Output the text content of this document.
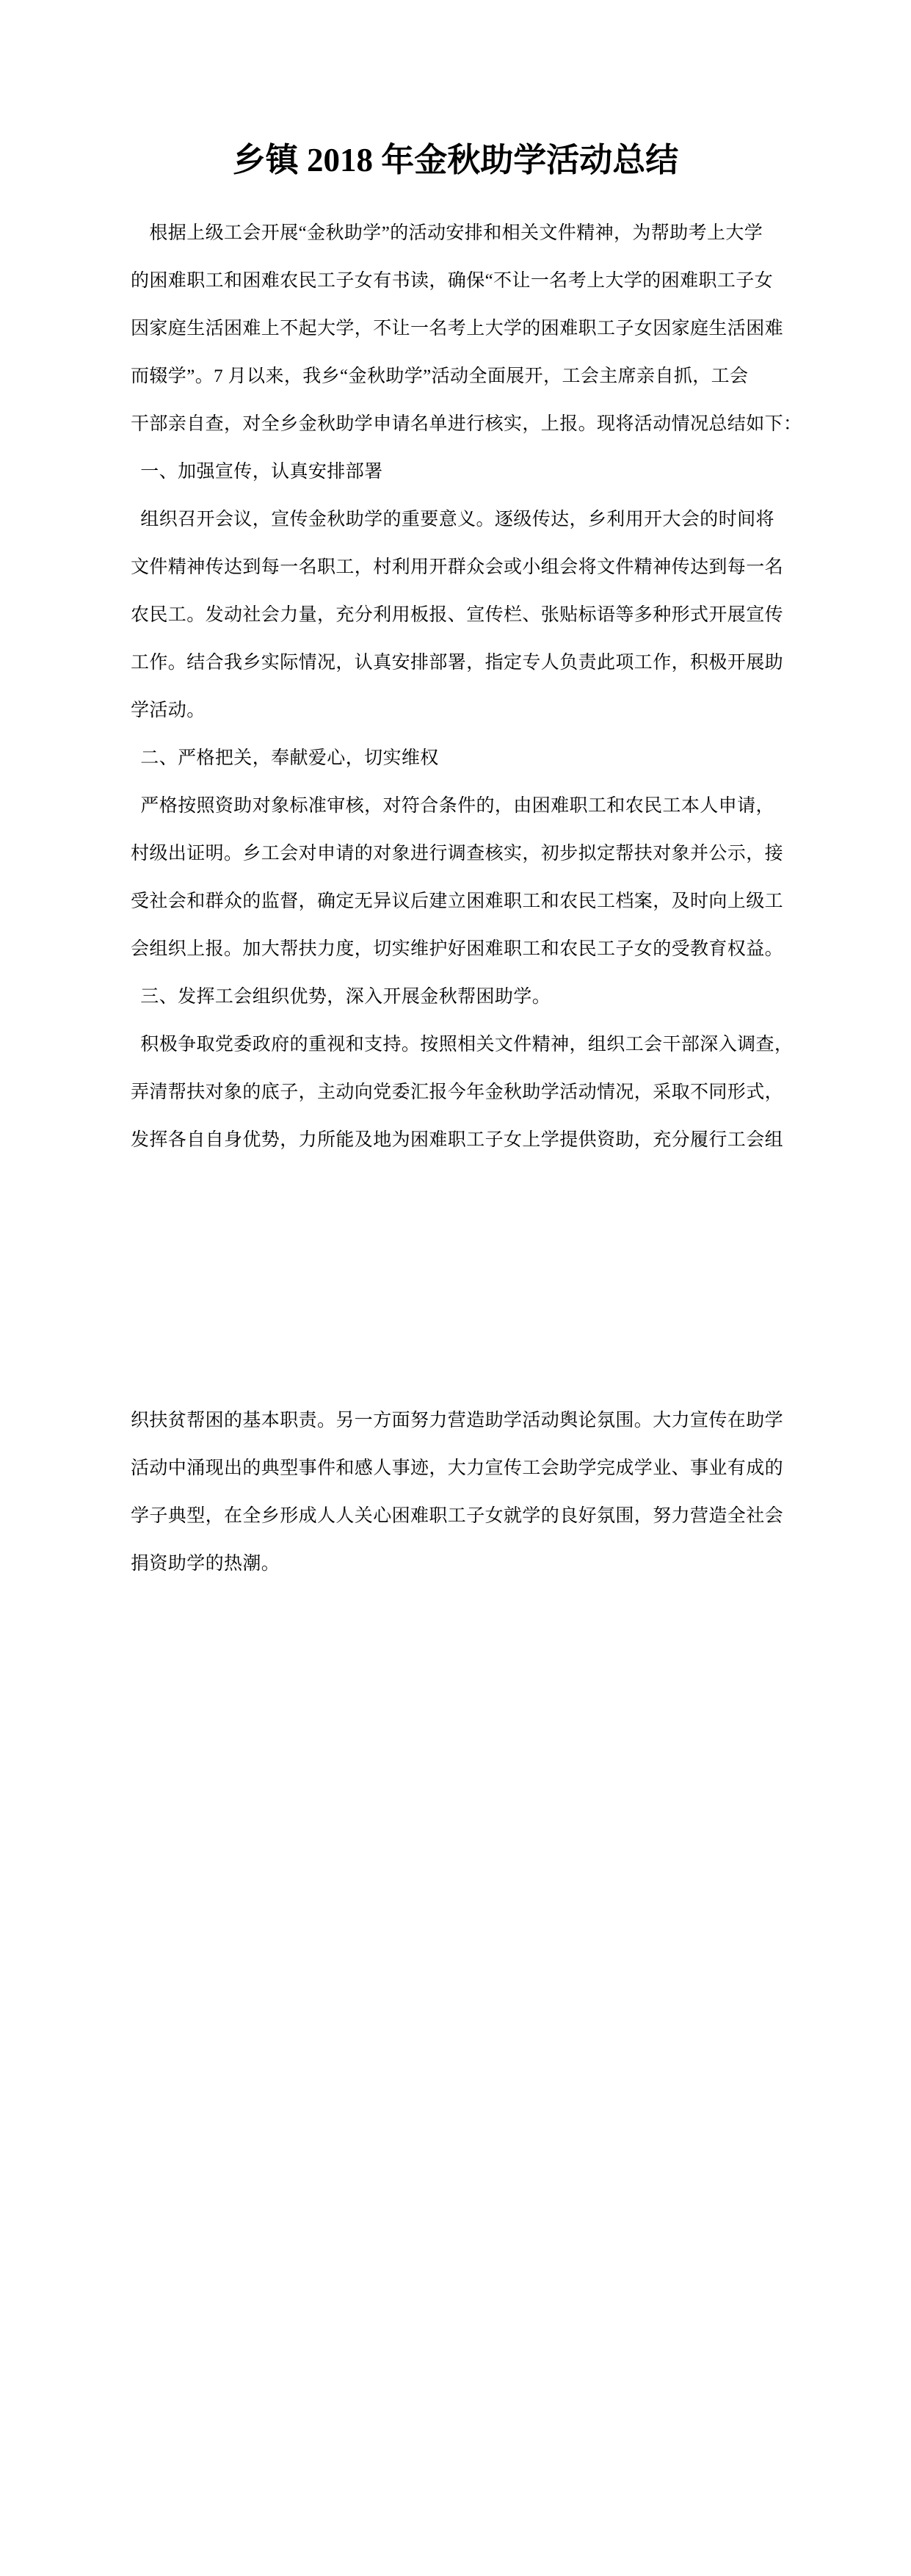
乡镇 2018 年金秋助学活动总结
　根据上级工会开展“金秋助学”的活动安排和相关文件精神，为帮助考上大学
的困难职工和困难农民工子女有书读，确保“不让一名考上大学的困难职工子女
因家庭生活困难上不起大学，不让一名考上大学的困难职工子女因家庭生活困难
而辍学”。7 月以来，我乡“金秋助学”活动全面展开，工会主席亲自抓，工会
干部亲自查，对全乡金秋助学申请名单进行核实，上报。现将活动情况总结如下：
一、加强宣传，认真安排部署
组织召开会议，宣传金秋助学的重要意义。逐级传达，乡利用开大会的时间将
文件精神传达到每一名职工，村利用开群众会或小组会将文件精神传达到每一名
农民工。发动社会力量，充分利用板报、宣传栏、张贴标语等多种形式开展宣传
工作。结合我乡实际情况，认真安排部署，指定专人负责此项工作，积极开展助
学活动。
二、严格把关，奉献爱心，切实维权
严格按照资助对象标准审核，对符合条件的，由困难职工和农民工本人申请，
村级出证明。乡工会对申请的对象进行调查核实，初步拟定帮扶对象并公示，接
受社会和群众的监督，确定无异议后建立困难职工和农民工档案，及时向上级工
会组织上报。加大帮扶力度，切实维护好困难职工和农民工子女的受教育权益。
三、发挥工会组织优势，深入开展金秋帮困助学。
积极争取党委政府的重视和支持。按照相关文件精神，组织工会干部深入调查，
弄清帮扶对象的底子，主动向党委汇报今年金秋助学活动情况，采取不同形式，
发挥各自自身优势，力所能及地为困难职工子女上学提供资助，充分履行工会组
织扶贫帮困的基本职责。另一方面努力营造助学活动舆论氛围。大力宣传在助学
活动中涌现出的典型事件和感人事迹，大力宣传工会助学完成学业、事业有成的
学子典型，在全乡形成人人关心困难职工子女就学的良好氛围，努力营造全社会
捐资助学的热潮。
